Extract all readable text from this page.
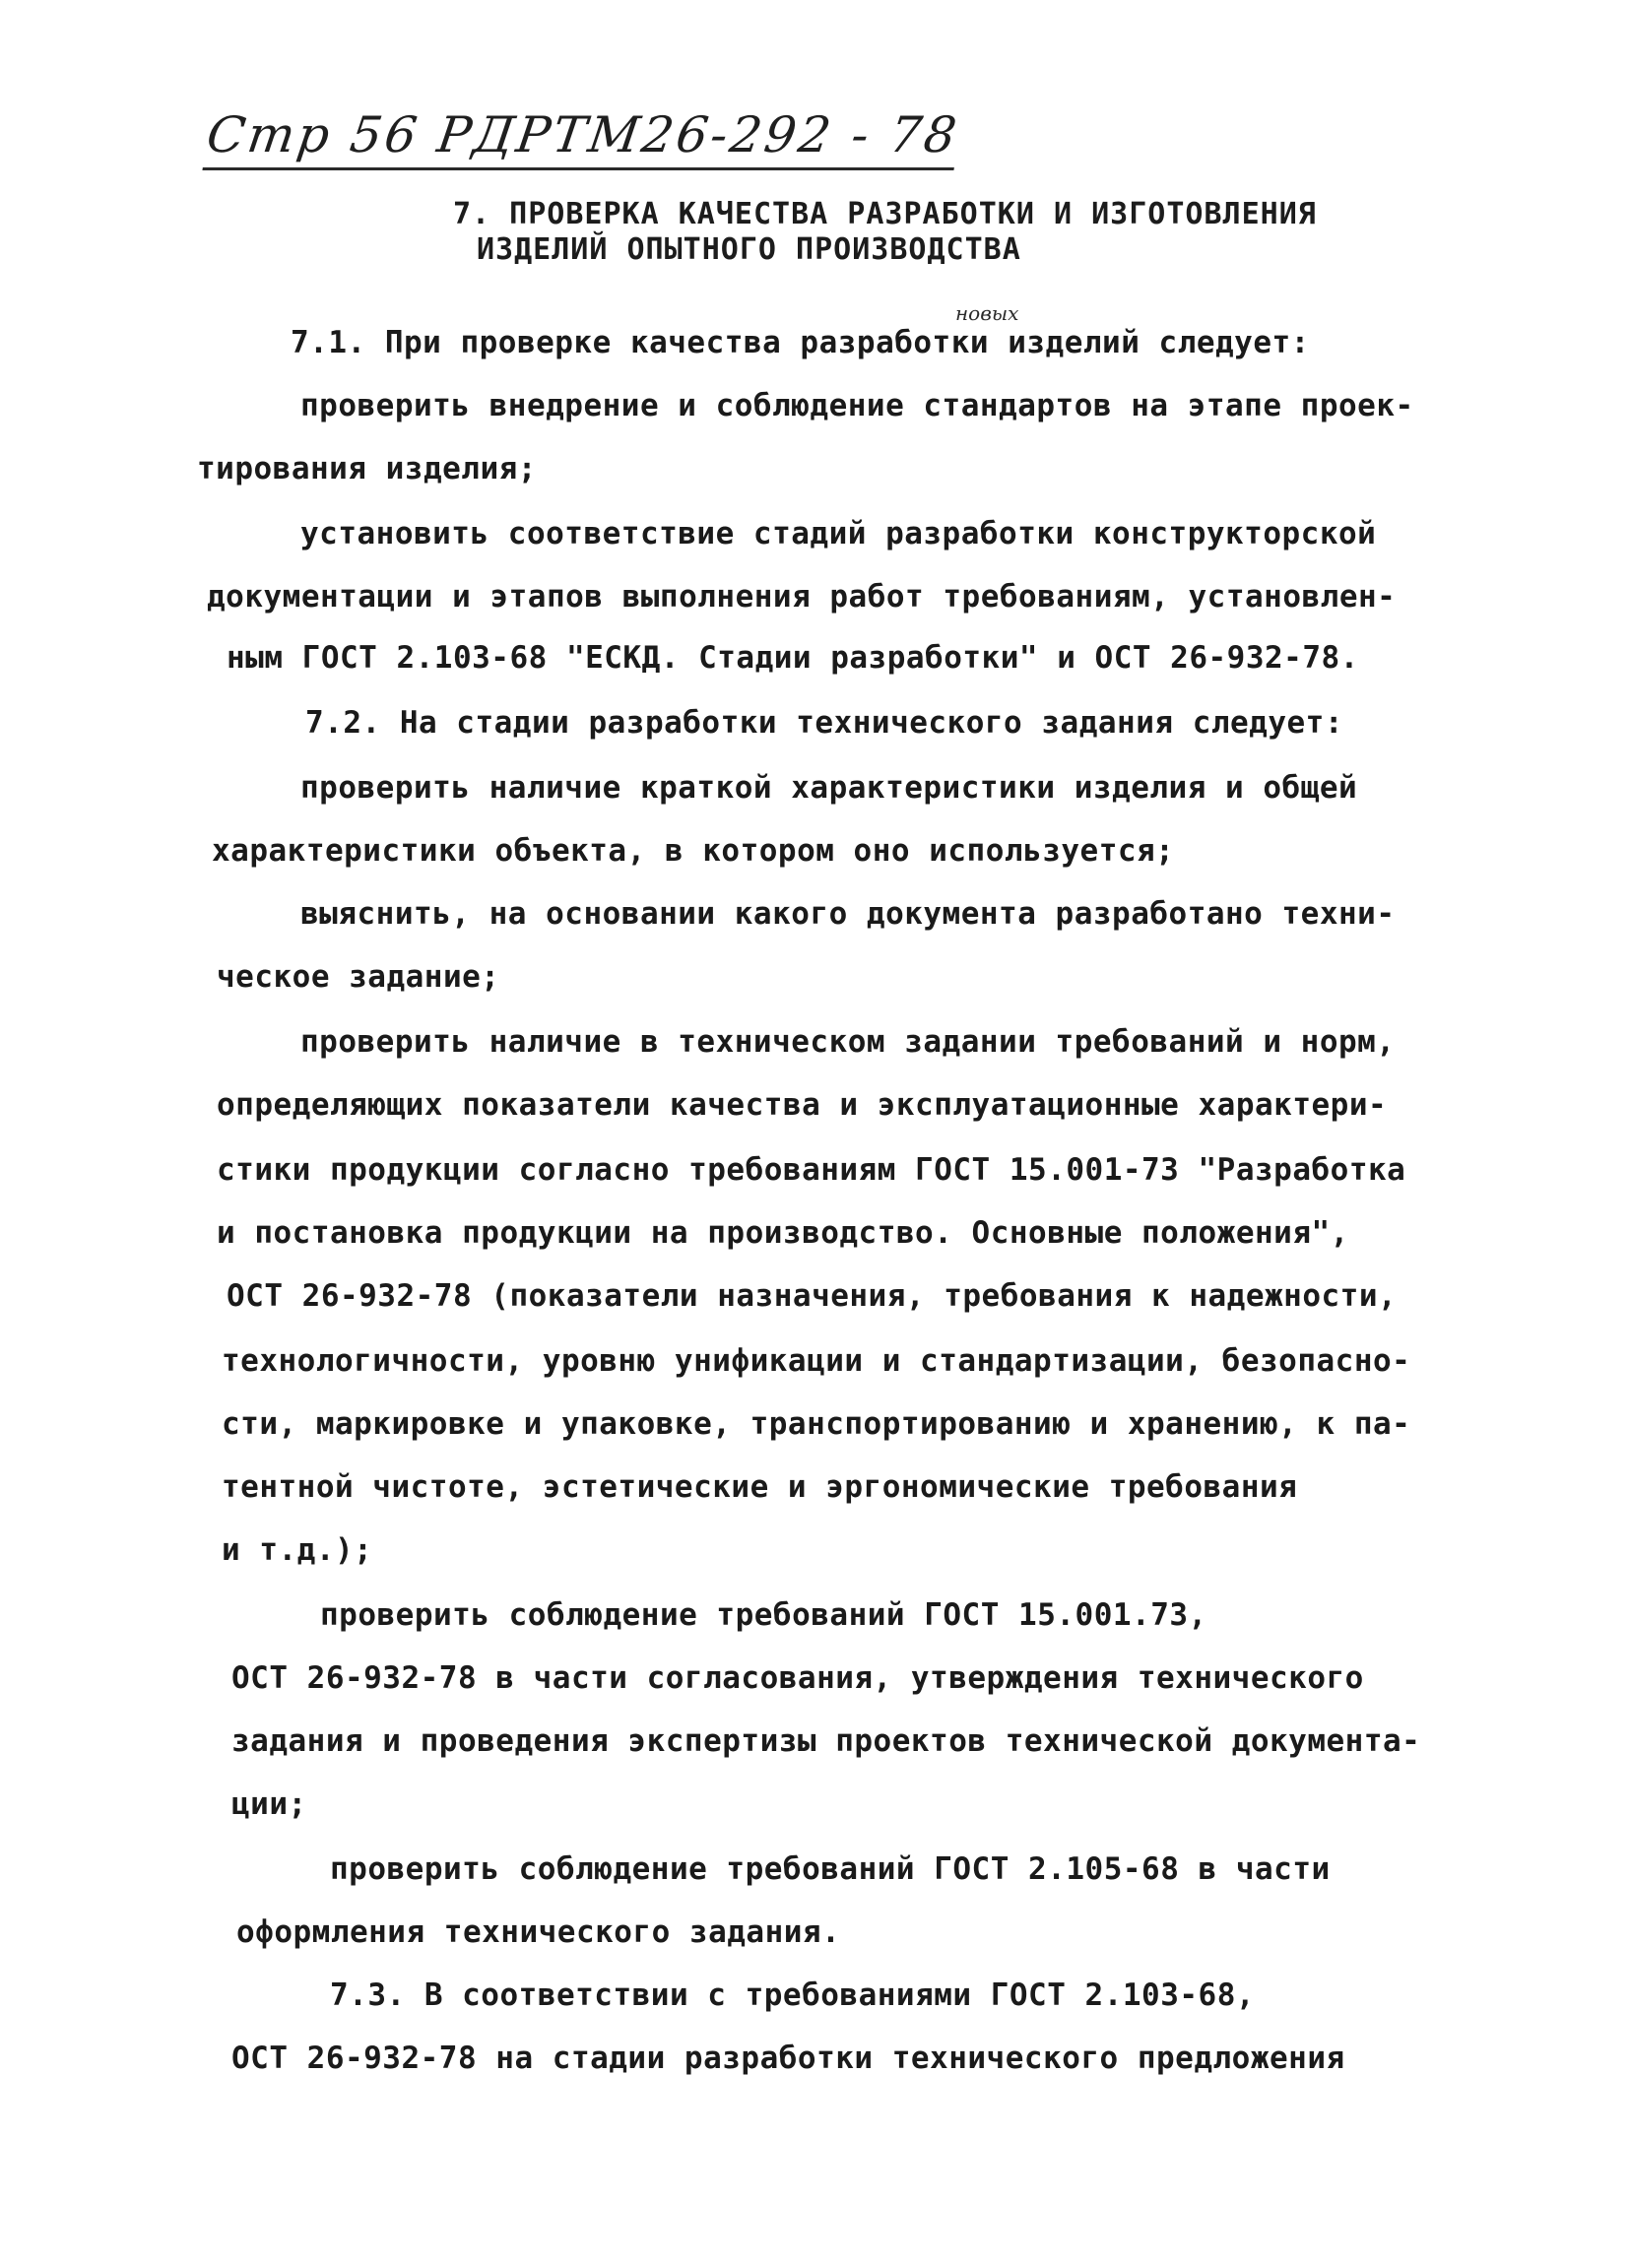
Стр 56 РДРТМ26-292 - 78
7. ПРОВЕРКА КАЧЕСТВА РАЗРАБОТКИ И ИЗГОТОВЛЕНИЯ
ИЗДЕЛИЙ ОПЫТНОГО ПРОИЗВОДСТВА
новых
7.1. При проверке качества разработки изделий следует:
проверить внедрение и соблюдение стандартов на этапе проек-
тирования изделия;
установить соответствие стадий разработки конструкторской
документации и этапов выполнения работ требованиям, установлен-
ным ГОСТ 2.103-68 "ЕСКД. Стадии разработки" и ОСТ 26-932-78.
7.2. На стадии разработки технического задания следует:
проверить наличие краткой характеристики изделия и общей
характеристики объекта, в котором оно используется;
выяснить, на основании какого документа разработано техни-
ческое задание;
проверить наличие в техническом задании требований и норм,
определяющих показатели качества и эксплуатационные характери-
стики продукции согласно требованиям ГОСТ 15.001-73 "Разработка
и постановка продукции на производство. Основные положения",
ОСТ 26-932-78 (показатели назначения, требования к надежности,
технологичности, уровню унификации и стандартизации, безопасно-
сти, маркировке и упаковке, транспортированию и хранению, к па-
тентной чистоте, эстетические и эргономические требования
и т.д.);
проверить соблюдение требований ГОСТ 15.001.73,
ОСТ 26-932-78 в части согласования, утверждения технического
задания и проведения экспертизы проектов технической документа-
ции;
проверить соблюдение требований ГОСТ 2.105-68 в части
оформления технического задания.
7.3. В соответствии с требованиями ГОСТ 2.103-68,
ОСТ 26-932-78 на стадии разработки технического предложения
